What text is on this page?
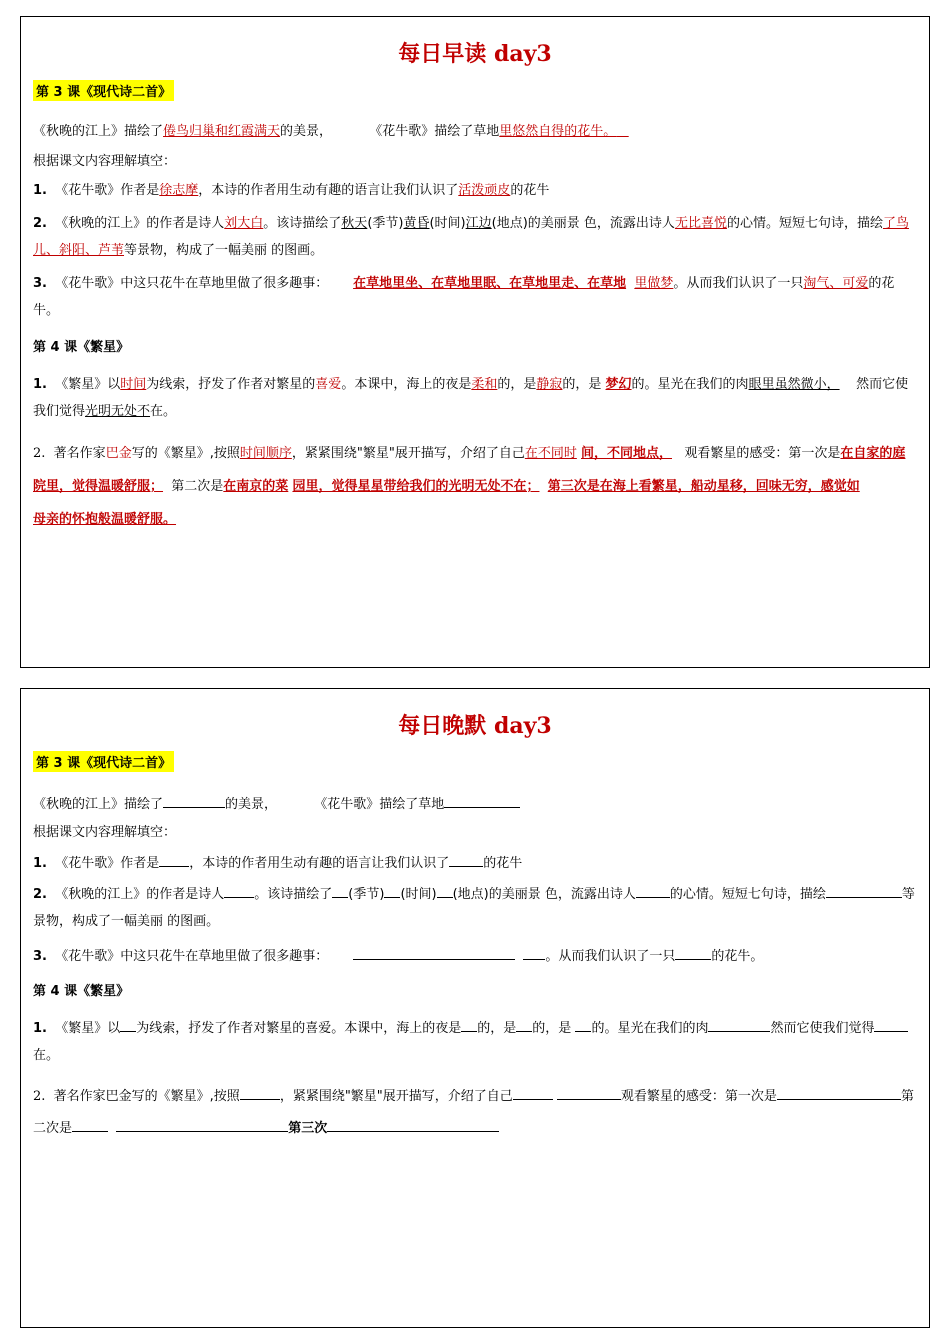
每日早读 day3
第 3 课《现代诗二首》
《秋晚的江上》描绘了倦鸟归巢和红霞满天的美景，	《花牛歌》描绘了草地里悠然自得的花牛。
根据课文内容理解填空：
1. 《花牛歌》作者是徐志摩，本诗的作者用生动有趣的语言让我们认识了活泼顽皮的花牛
2. 《秋晚的江上》的作者是诗人刘大白。该诗描绘了秋天(季节)黄昏(时间)江边(地点)的美丽景 色，流露出诗人无比喜悦的心情。短短七句诗，描绘了鸟儿、斜阳、芦苇等景物，构成了一幅美丽 的图画。
3. 《花牛歌》中这只花牛在草地里做了很多趣事： 在草地里坐、在草地里眠、在草地里走、在草地 里做梦。从而我们认识了一只淘气、可爱的花牛。
第 4 课《繁星》
1. 《繁星》以时间为线索，抒发了作者对繁星的喜爱。本课中，海上的夜是柔和的，是静寂的，是 梦幻的。星光在我们的肉眼里虽然微小， 然而它使我们觉得光明无处不在。
2. 著名作家巴金写的《繁星》,按照时间顺序，紧紧围绕"繁星"展开描写，介绍了自己在不同时 间，不同地点， 观看繁星的感受：第一次是在自家的庭院里，觉得温暖舒服； 第二次是在南京的菜 园里，觉得星星带给我们的光明无处不在； 第三次是在海上看繁星，船动星移，回味无穷，感觉如
母亲的怀抱般温暖舒服。
每日晚默 day3
第 3 课《现代诗二首》
《秋晚的江上》描绘了	的美景，	《花牛歌》描绘了草地
根据课文内容理解填空：
1. 《花牛歌》作者是 ，本诗的作者用生动有趣的语言让我们认识了	的花牛
2. 《秋晚的江上》的作者是诗人 。该诗描绘了 (季节) (时间) (地点)的美丽景 色，流露出诗人	的心情。短短七句诗，描绘	等景物，构成了一幅美丽 的图画。
3. 《花牛歌》中这只花牛在草地里做了很多趣事：	。从而我们认识了一只	的花牛。
第 4 课《繁星》
1. 《繁星》以 为线索，抒发了作者对繁星的喜爱。本课中，海上的夜是 的，是 的，是 的。星光在我们的肉	然而它使我们觉得在。
2. 著名作家巴金写的《繁星》,按照	，紧紧围绕"繁星"展开描写，介绍了自己	观看繁星的感受：第一次是	第二次是	第三次
